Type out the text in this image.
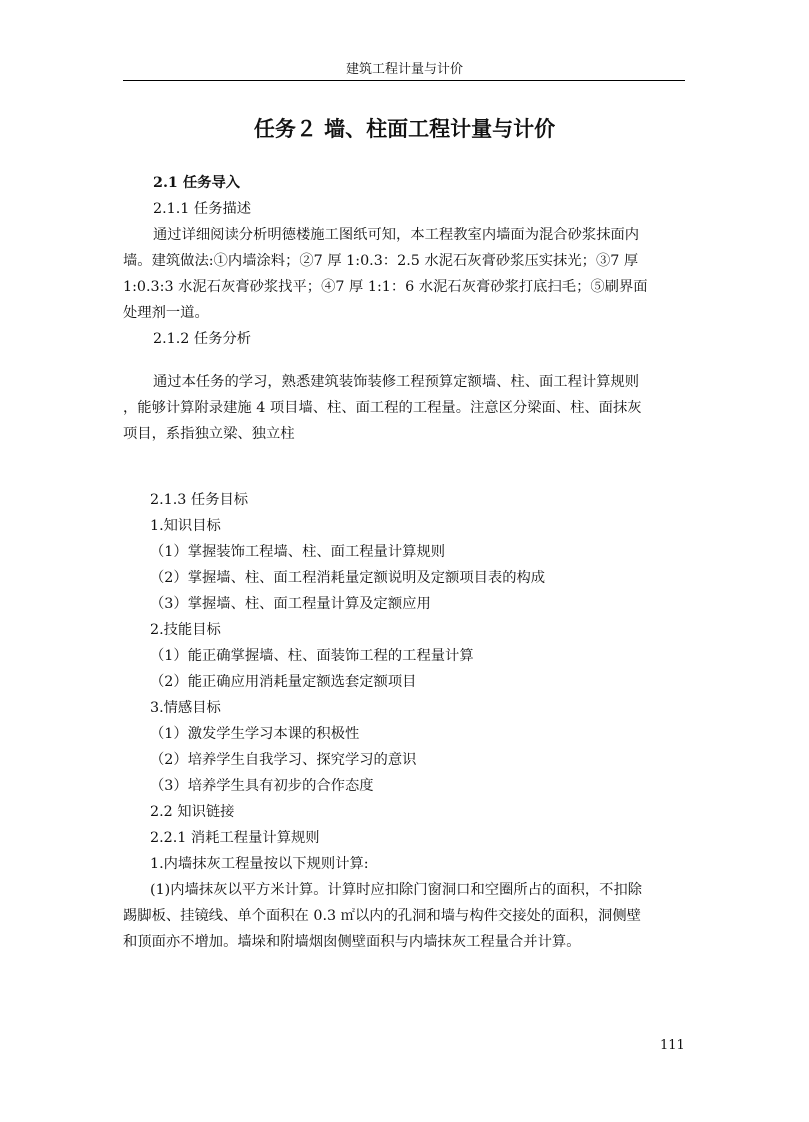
建筑工程计量与计价
任务２ 墙、柱面工程计量与计价
2.1 任务导入
2.1.1 任务描述
通过详细阅读分析明德楼施工图纸可知，本工程教室内墙面为混合砂浆抹面内
墙。建筑做法:①内墙涂料；②7 厚 1:0.3：2.5 水泥石灰膏砂浆压实抹光；③7 厚
1:0.3:3 水泥石灰膏砂浆找平；④7 厚 1:1：6 水泥石灰膏砂浆打底扫毛；⑤刷界面
处理剂一道。
2.1.2 任务分析
通过本任务的学习，熟悉建筑装饰装修工程预算定额墙、柱、面工程计算规则
，能够计算附录建施 4 项目墙、柱、面工程的工程量。注意区分梁面、柱、面抹灰
项目，系指独立梁、独立柱
2.1.3 任务目标
1.知识目标
（1）掌握装饰工程墙、柱、面工程量计算规则
（2）掌握墙、柱、面工程消耗量定额说明及定额项目表的构成
（3）掌握墙、柱、面工程量计算及定额应用
2.技能目标
（1）能正确掌握墙、柱、面装饰工程的工程量计算
（2）能正确应用消耗量定额选套定额项目
3.情感目标
（1）激发学生学习本课的积极性
（2）培养学生自我学习、探究学习的意识
（3）培养学生具有初步的合作态度
2.2 知识链接
2.2.1 消耗工程量计算规则
1.内墙抹灰工程量按以下规则计算:
(1)内墙抹灰以平方米计算。计算时应扣除门窗洞口和空圈所占的面积，不扣除
踢脚板、挂镜线、单个面积在 0.3 ㎡以内的孔洞和墙与构件交接处的面积，洞侧壁
和顶面亦不增加。墙垛和附墙烟囱侧壁面积与内墙抹灰工程量合并计算。
111
